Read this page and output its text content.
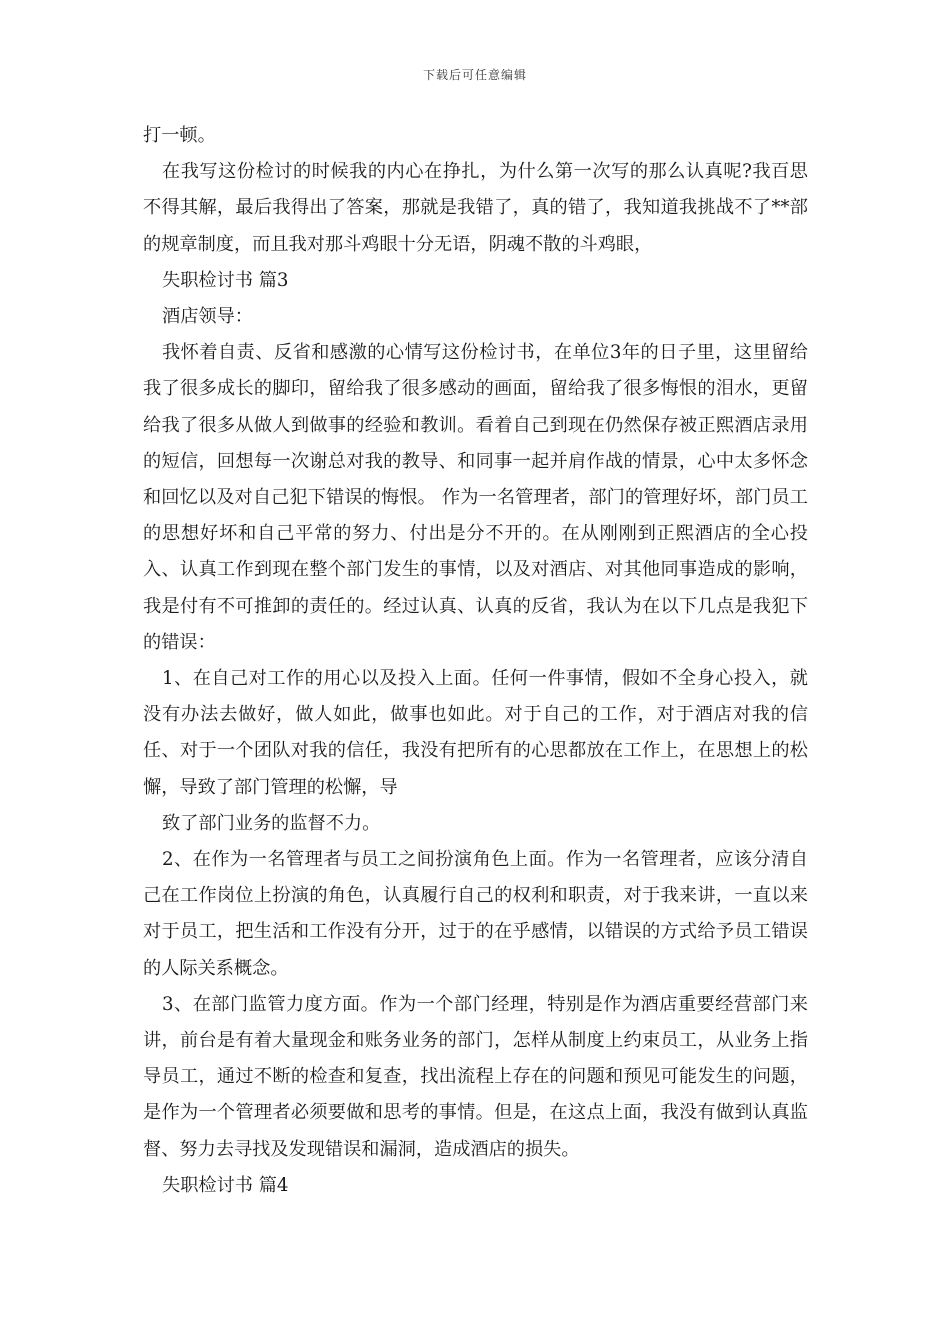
下载后可任意编辑

打一顿。

在我写这份检讨的时候我的内心在挣扎，为什么第一次写的那么认真呢?我百思不得其解，最后我得出了答案，那就是我错了，真的错了，我知道我挑战不了**部的规章制度，而且我对那斗鸡眼十分无语，阴魂不散的斗鸡眼，

失职检讨书 篇3

酒店领导：

我怀着自责、反省和感激的心情写这份检讨书，在单位3年的日子里，这里留给我了很多成长的脚印，留给我了很多感动的画面，留给我了很多悔恨的泪水，更留给我了很多从做人到做事的经验和教训。看着自己到现在仍然保存被正熙酒店录用的短信，回想每一次谢总对我的教导、和同事一起并肩作战的情景，心中太多怀念和回忆以及对自己犯下错误的悔恨。 作为一名管理者，部门的管理好坏，部门员工的思想好坏和自己平常的努力、付出是分不开的。在从刚刚到正熙酒店的全心投入、认真工作到现在整个部门发生的事情，以及对酒店、对其他同事造成的影响，我是付有不可推卸的责任的。经过认真、认真的反省，我认为在以下几点是我犯下的错误：

1、在自己对工作的用心以及投入上面。任何一件事情，假如不全身心投入，就没有办法去做好，做人如此，做事也如此。对于自己的工作，对于酒店对我的信任、对于一个团队对我的信任，我没有把所有的心思都放在工作上，在思想上的松懈，导致了部门管理的松懈，导

致了部门业务的监督不力。

2、在作为一名管理者与员工之间扮演角色上面。作为一名管理者，应该分清自己在工作岗位上扮演的角色，认真履行自己的权利和职责，对于我来讲，一直以来对于员工，把生活和工作没有分开，过于的在乎感情，以错误的方式给予员工错误的人际关系概念。

3、在部门监管力度方面。作为一个部门经理，特别是作为酒店重要经营部门来讲，前台是有着大量现金和账务业务的部门，怎样从制度上约束员工，从业务上指导员工，通过不断的检查和复查，找出流程上存在的问题和预见可能发生的问题，是作为一个管理者必须要做和思考的事情。但是，在这点上面，我没有做到认真监督、努力去寻找及发现错误和漏洞，造成酒店的损失。

失职检讨书 篇4
